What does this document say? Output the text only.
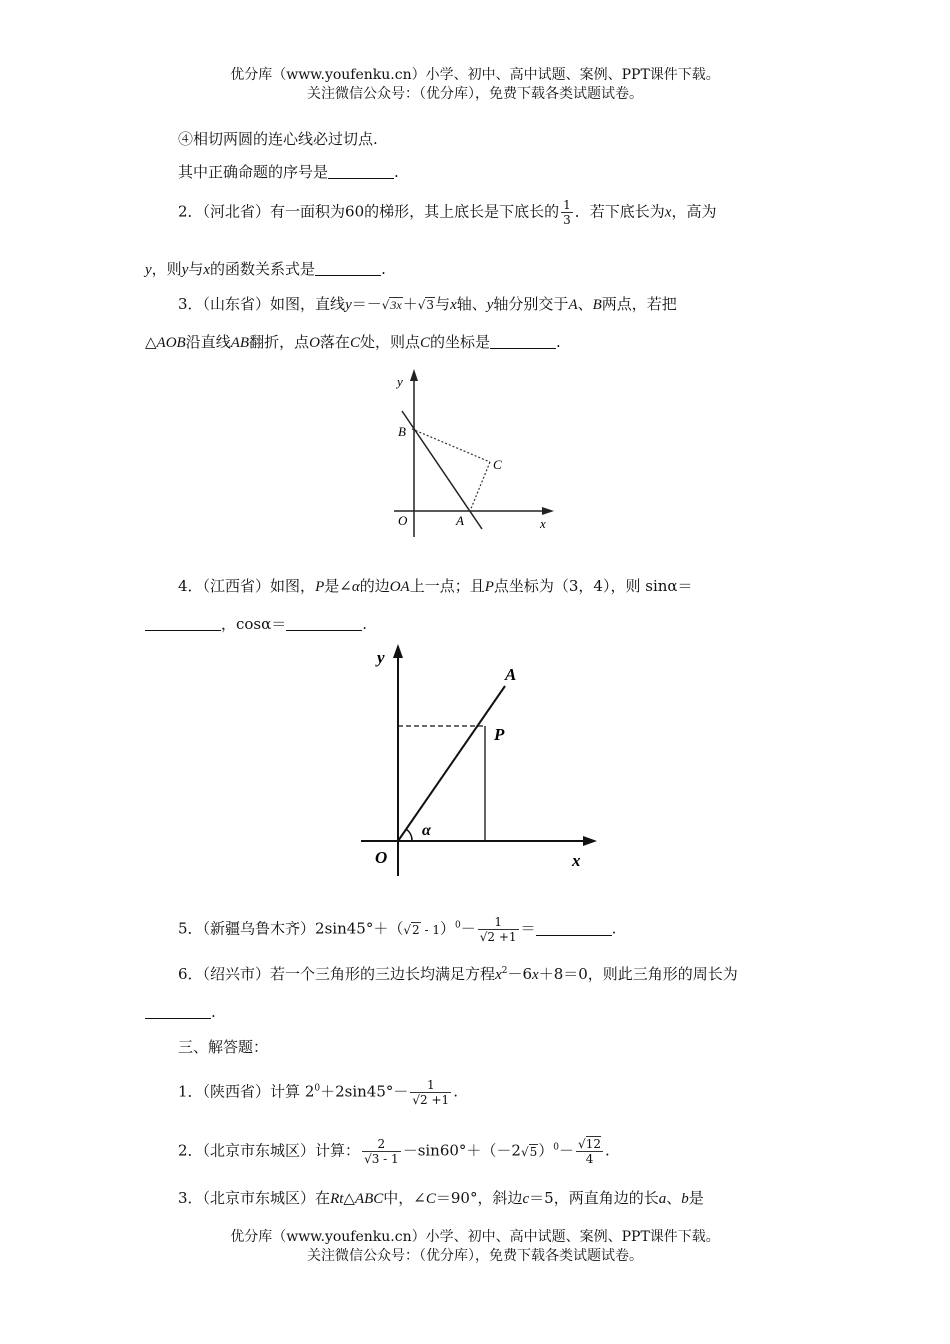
优分库（www.youfenku.cn）小学、初中、高中试题、案例、PPT课件下载。
关注微信公众号：（优分库），免费下载各类试题试卷。
④相切两圆的连心线必过切点.
其中正确命题的序号是	.
2．（河北省）有一面积为60的梯形，其上底长是下底长的 $\frac{1}{3}$ ．若下底长为x，高为
y，则y与x的函数关系式是	.
3．（山东省）如图，直线y＝－√3x＋√3与x轴、y轴分别交于A、B两点，若把
△AOB沿直线AB翻折，点O落在C处，则点C的坐标是	.
y
B
C
O	A	x
4．（江西省）如图，P是∠α的边OA上一点；且P点坐标为（3，4），则 sinα＝
，cosα＝	.
y
A
P
α
O	x
5．（新疆乌鲁木齐）$2\sin 45^\circ+(√2 - 1)^0- \frac{1}{√2 +1}$ ＝	.
6．（绍兴市）若一个三角形的三边长均满足方程$x^2-6x+8=0$，则此三角形的周长为
.
三、解答题：
1．（陕西省）计算 $2^0+2\sin 45^\circ- \frac{1}{√2 +1}$ .
2．（北京市东城区）计算： $\frac{2}{√3 - 1} -\sin 60^\circ+(-2√5)^0- \frac{√12}{4}$ .
3．（北京市东城区）在Rt△ABC中，∠C＝90°，斜边c＝5，两直角边的长a、b是
优分库（www.youfenku.cn）小学、初中、高中试题、案例、PPT课件下载。
关注微信公众号：（优分库），免费下载各类试题试卷。
